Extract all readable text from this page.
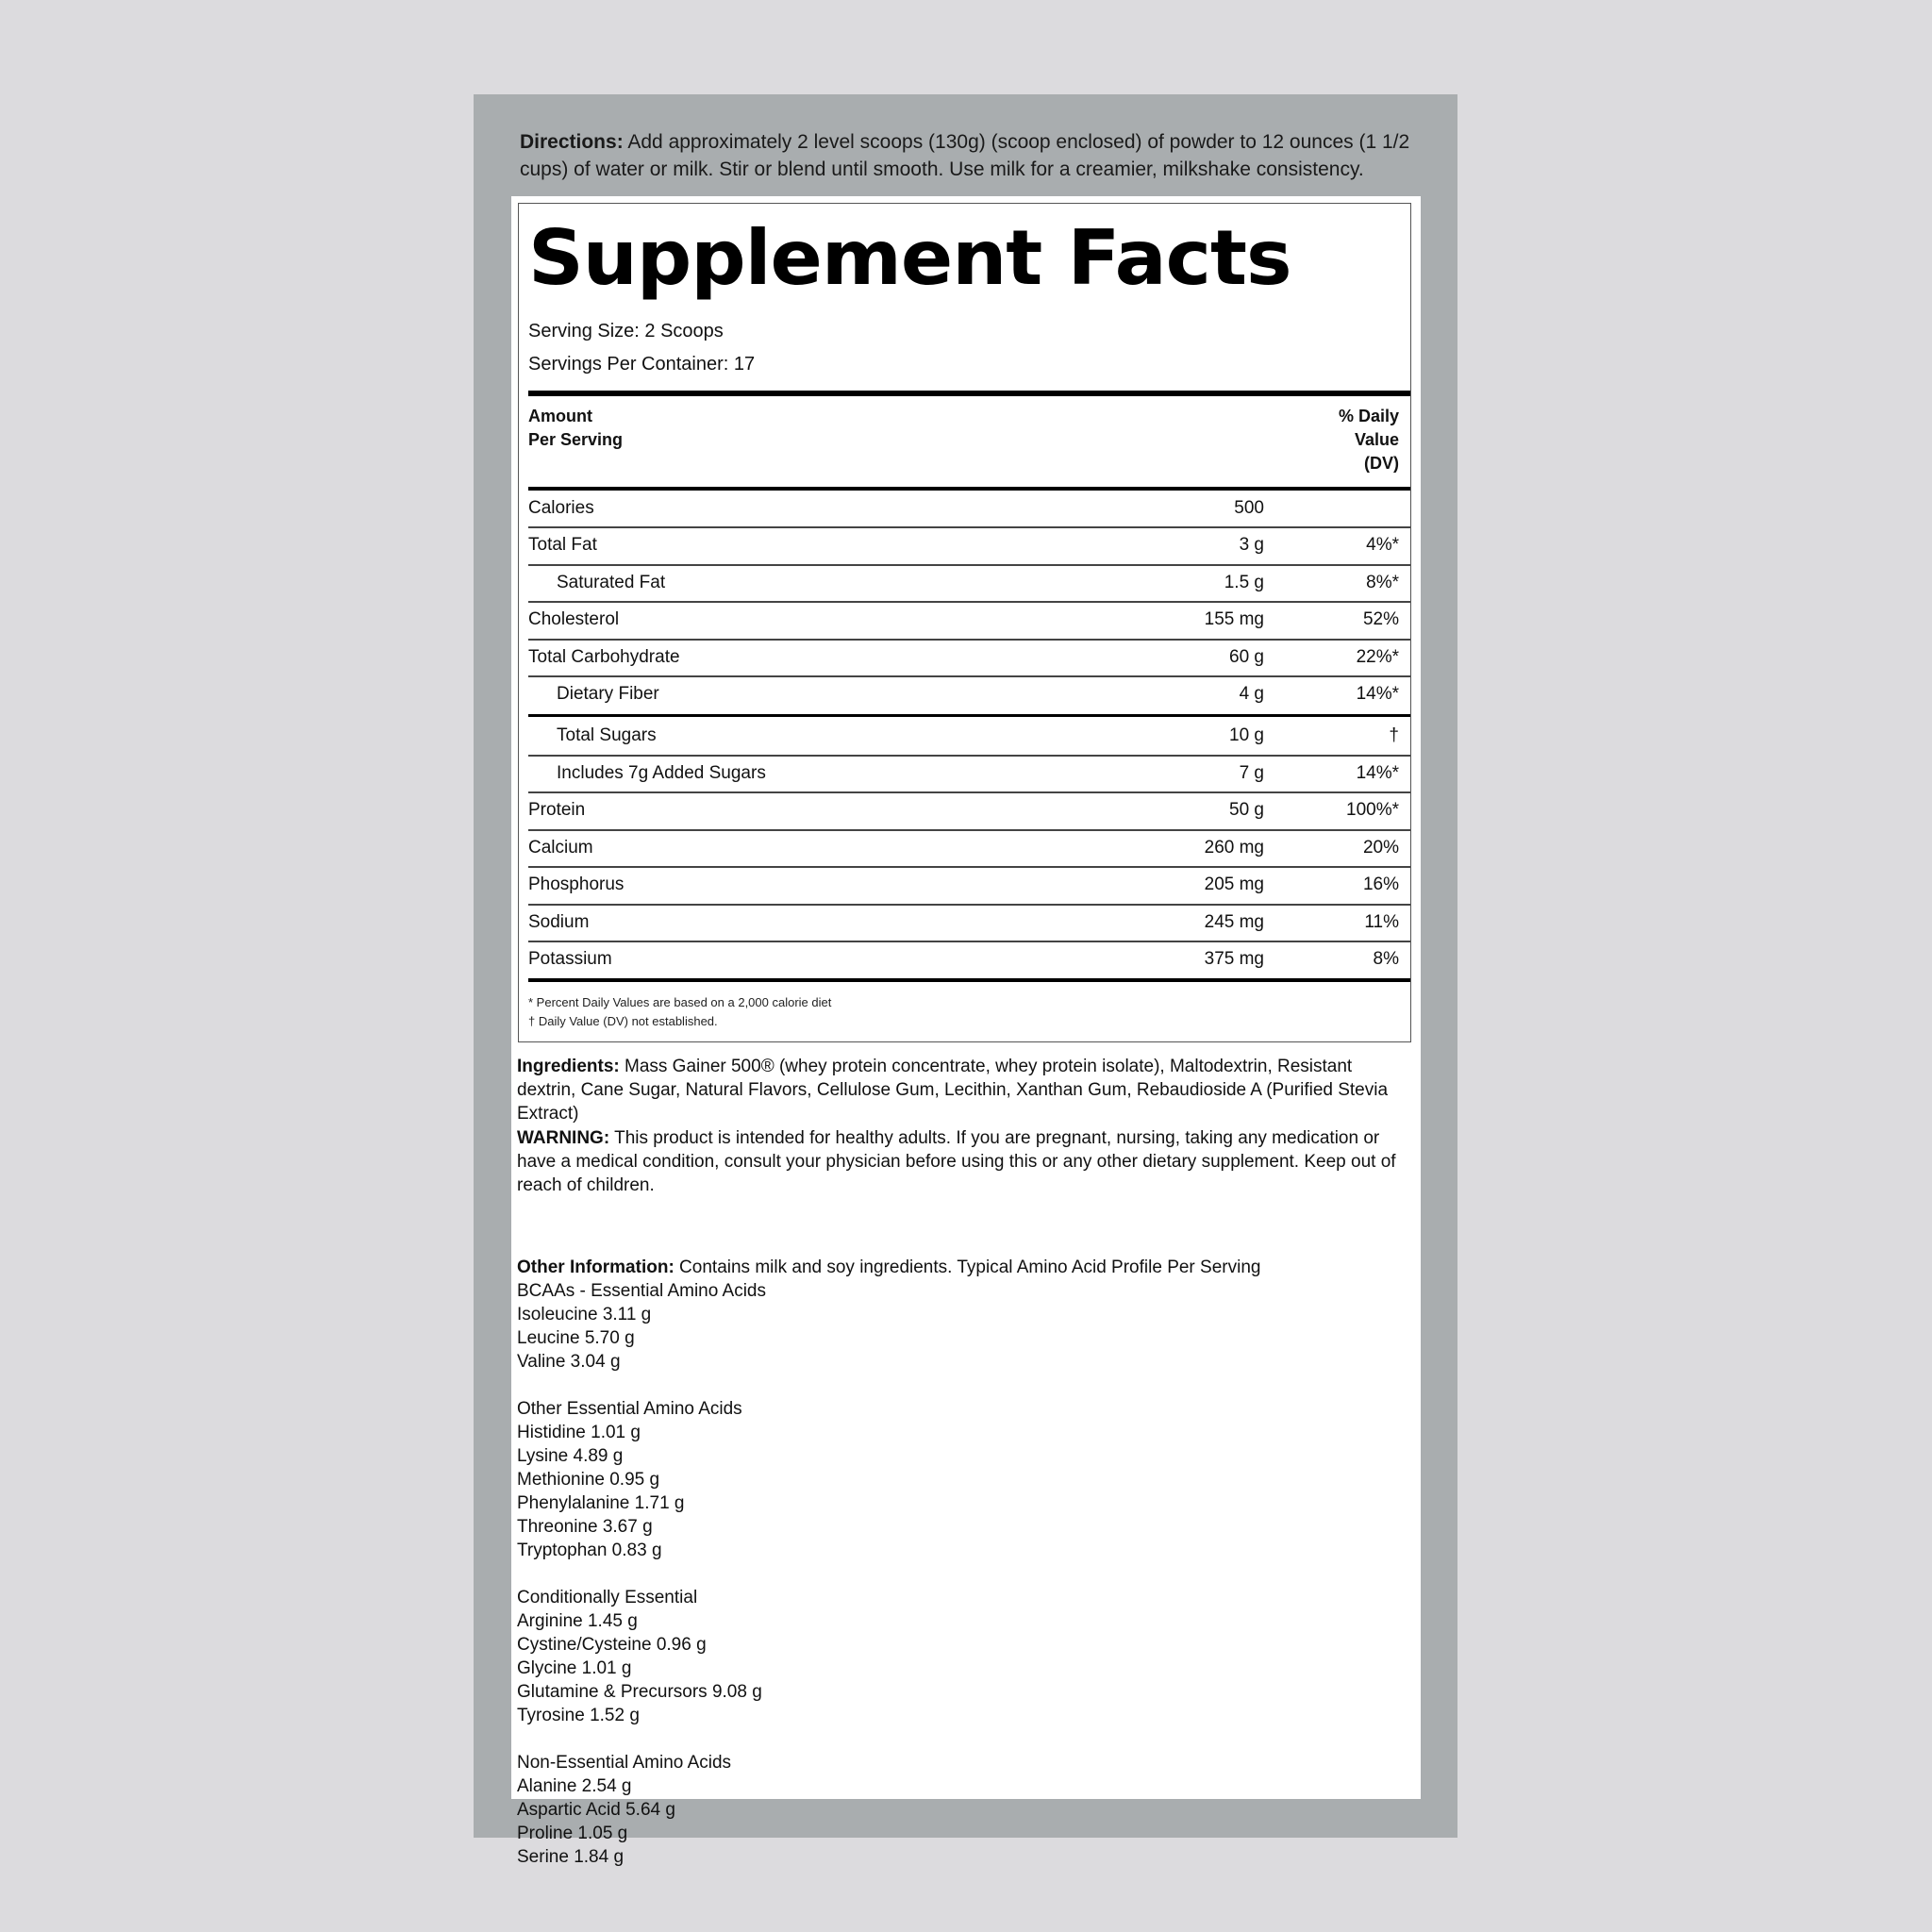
Directions: Add approximately 2 level scoops (130g) (scoop enclosed) of powder to 12 ounces (1 1/2 cups) of water or milk. Stir or blend until smooth. Use milk for a creamier, milkshake consistency.
Supplement Facts
Serving Size: 2 Scoops
Servings Per Container: 17
Amount
Per Serving
% Daily
Value
(DV)
Calories	500
Total Fat	3 g	4%*
Saturated Fat	1.5 g	8%*
Cholesterol	155 mg	52%
Total Carbohydrate	60 g	22%*
Dietary Fiber	4 g	14%*
Total Sugars	10 g	†
Includes 7g Added Sugars	7 g	14%*
Protein	50 g	100%*
Calcium	260 mg	20%
Phosphorus	205 mg	16%
Sodium	245 mg	11%
Potassium	375 mg	8%
* Percent Daily Values are based on a 2,000 calorie diet
† Daily Value (DV) not established.
Ingredients: Mass Gainer 500® (whey protein concentrate, whey protein isolate), Maltodextrin, Resistant dextrin, Cane Sugar, Natural Flavors, Cellulose Gum, Lecithin, Xanthan Gum, Rebaudioside A (Purified Stevia Extract)
WARNING: This product is intended for healthy adults. If you are pregnant, nursing, taking any medication or have a medical condition, consult your physician before using this or any other dietary supplement. Keep out of reach of children.
Other Information: Contains milk and soy ingredients. Typical Amino Acid Profile Per Serving
BCAAs - Essential Amino Acids
Isoleucine 3.11 g
Leucine 5.70 g
Valine 3.04 g
Other Essential Amino Acids
Histidine 1.01 g
Lysine 4.89 g
Methionine 0.95 g
Phenylalanine 1.71 g
Threonine 3.67 g
Tryptophan 0.83 g
Conditionally Essential
Arginine 1.45 g
Cystine/Cysteine 0.96 g
Glycine 1.01 g
Glutamine & Precursors 9.08 g
Tyrosine 1.52 g
Non-Essential Amino Acids
Alanine 2.54 g
Aspartic Acid 5.64 g
Proline 1.05 g
Serine 1.84 g
